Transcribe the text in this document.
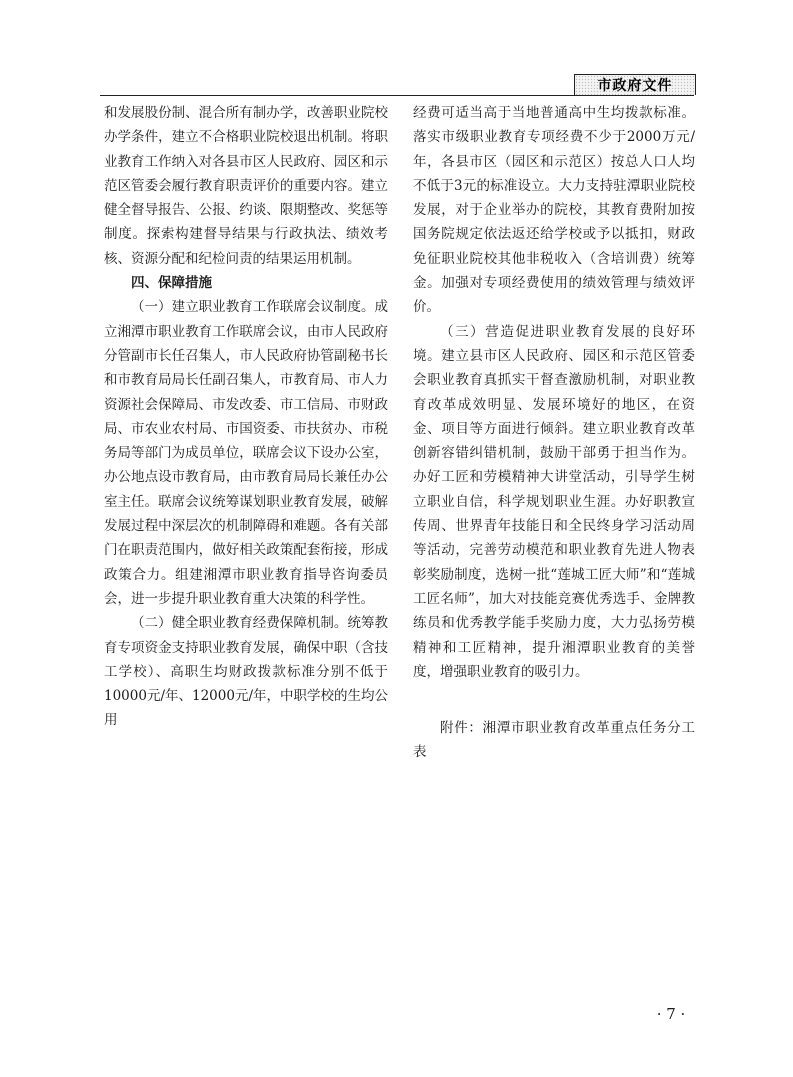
市政府文件

和发展股份制、混合所有制办学，改善职业院校办学条件，建立不合格职业院校退出机制。将职业教育工作纳入对各县市区人民政府、园区和示范区管委会履行教育职责评价的重要内容。建立健全督导报告、公报、约谈、限期整改、奖惩等制度。探索构建督导结果与行政执法、绩效考核、资源分配和纪检问责的结果运用机制。

四、保障措施

（一）建立职业教育工作联席会议制度。成立湘潭市职业教育工作联席会议，由市人民政府分管副市长任召集人，市人民政府协管副秘书长和市教育局局长任副召集人，市教育局、市人力资源社会保障局、市发改委、市工信局、市财政局、市农业农村局、市国资委、市扶贫办、市税务局等部门为成员单位，联席会议下设办公室，办公地点设市教育局，由市教育局局长兼任办公室主任。联席会议统筹谋划职业教育发展，破解发展过程中深层次的机制障碍和难题。各有关部门在职责范围内，做好相关政策配套衔接，形成政策合力。组建湘潭市职业教育指导咨询委员会，进一步提升职业教育重大决策的科学性。

（二）健全职业教育经费保障机制。统筹教育专项资金支持职业教育发展，确保中职（含技工学校）、高职生均财政拨款标准分别不低于10000元/年、12000元/年，中职学校的生均公用

经费可适当高于当地普通高中生均拨款标准。落实市级职业教育专项经费不少于2000万元/年，各县市区（园区和示范区）按总人口人均不低于3元的标准设立。大力支持驻潭职业院校发展，对于企业举办的院校，其教育费附加按国务院规定依法返还给学校或予以抵扣，财政免征职业院校其他非税收入（含培训费）统筹金。加强对专项经费使用的绩效管理与绩效评价。

（三）营造促进职业教育发展的良好环境。建立县市区人民政府、园区和示范区管委会职业教育真抓实干督查激励机制，对职业教育改革成效明显、发展环境好的地区，在资金、项目等方面进行倾斜。建立职业教育改革创新容错纠错机制，鼓励干部勇于担当作为。办好工匠和劳模精神大讲堂活动，引导学生树立职业自信，科学规划职业生涯。办好职教宣传周、世界青年技能日和全民终身学习活动周等活动，完善劳动模范和职业教育先进人物表彰奖励制度，选树一批“莲城工匠大师”和“莲城工匠名师”，加大对技能竞赛优秀选手、金牌教练员和优秀教学能手奖励力度，大力弘扬劳模精神和工匠精神，提升湘潭职业教育的美誉度，增强职业教育的吸引力。

附件：湘潭市职业教育改革重点任务分工表

· 7 ·
